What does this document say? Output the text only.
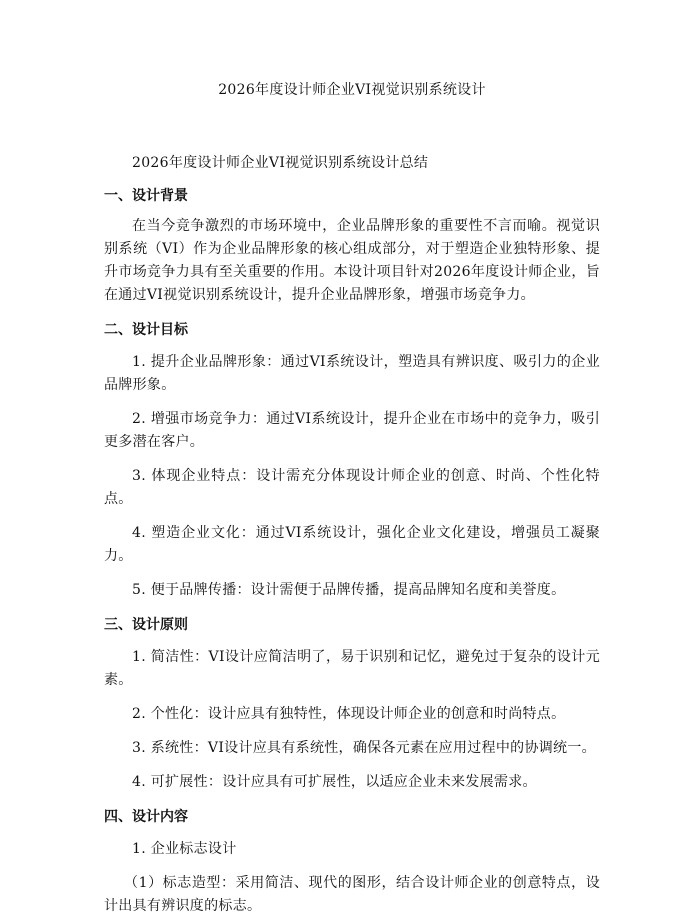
2026年度设计师企业VI视觉识别系统设计

2026年度设计师企业VI视觉识别系统设计总结

一、设计背景

在当今竞争激烈的市场环境中，企业品牌形象的重要性不言而喻。视觉识别系统（VI）作为企业品牌形象的核心组成部分，对于塑造企业独特形象、提升市场竞争力具有至关重要的作用。本设计项目针对2026年度设计师企业，旨在通过VI视觉识别系统设计，提升企业品牌形象，增强市场竞争力。

二、设计目标

1. 提升企业品牌形象：通过VI系统设计，塑造具有辨识度、吸引力的企业品牌形象。

2. 增强市场竞争力：通过VI系统设计，提升企业在市场中的竞争力，吸引更多潜在客户。

3. 体现企业特点：设计需充分体现设计师企业的创意、时尚、个性化特点。

4. 塑造企业文化：通过VI系统设计，强化企业文化建设，增强员工凝聚力。

5. 便于品牌传播：设计需便于品牌传播，提高品牌知名度和美誉度。

三、设计原则

1. 简洁性：VI设计应简洁明了，易于识别和记忆，避免过于复杂的设计元素。

2. 个性化：设计应具有独特性，体现设计师企业的创意和时尚特点。

3. 系统性：VI设计应具有系统性，确保各元素在应用过程中的协调统一。

4. 可扩展性：设计应具有可扩展性，以适应企业未来发展需求。

四、设计内容

1. 企业标志设计

（1）标志造型：采用简洁、现代的图形，结合设计师企业的创意特点，设计出具有辨识度的标志。
